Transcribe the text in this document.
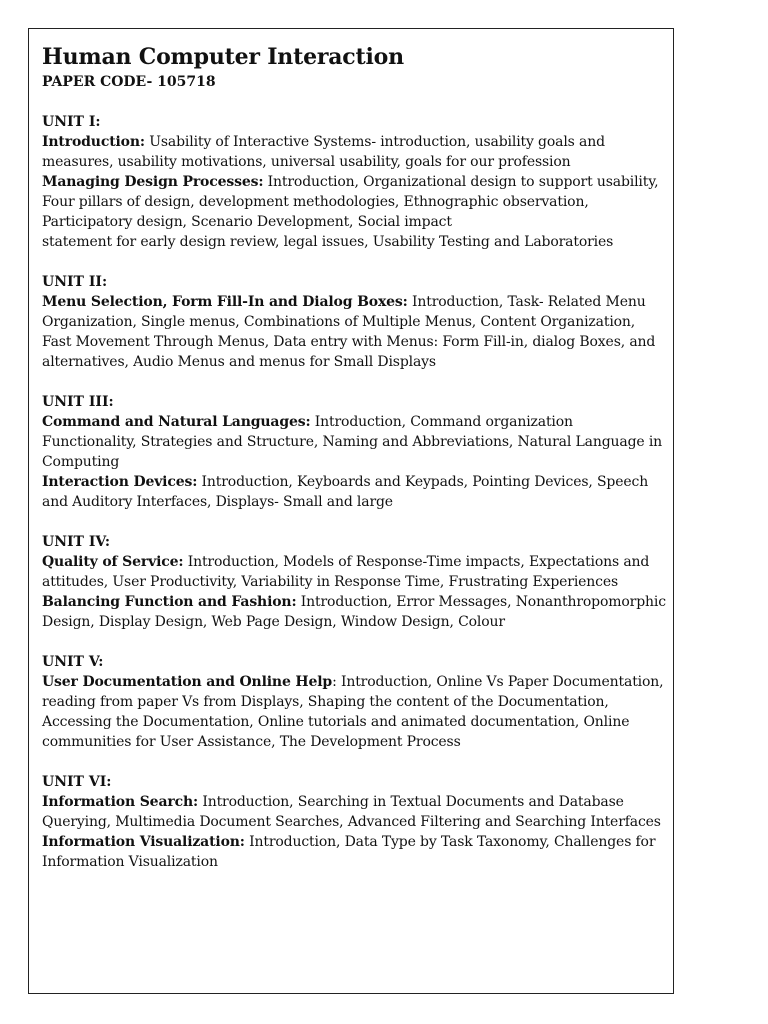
Human Computer Interaction

PAPER CODE- 105718

UNIT I:

Introduction: Usability of Interactive Systems- introduction, usability goals and measures, usability motivations, universal usability, goals for our profession

Managing Design Processes: Introduction, Organizational design to support usability, Four pillars of design, development methodologies, Ethnographic observation, Participatory design, Scenario Development, Social impact

statement for early design review, legal issues, Usability Testing and Laboratories

UNIT II:

Menu Selection, Form Fill-In and Dialog Boxes: Introduction, Task- Related Menu Organization, Single menus, Combinations of Multiple Menus, Content Organization, Fast Movement Through Menus, Data entry with Menus: Form Fill-in, dialog Boxes, and alternatives, Audio Menus and menus for Small Displays

UNIT III:

Command and Natural Languages: Introduction, Command organization Functionality, Strategies and Structure, Naming and Abbreviations, Natural Language in Computing

Interaction Devices: Introduction, Keyboards and Keypads, Pointing Devices, Speech and Auditory Interfaces, Displays- Small and large

UNIT IV:

Quality of Service: Introduction, Models of Response-Time impacts, Expectations and attitudes, User Productivity, Variability in Response Time, Frustrating Experiences

Balancing Function and Fashion: Introduction, Error Messages, Nonanthropomorphic Design, Display Design, Web Page Design, Window Design, Colour

UNIT V:

User Documentation and Online Help: Introduction, Online Vs Paper Documentation, reading from paper Vs from Displays, Shaping the content of the Documentation, Accessing the Documentation, Online tutorials and animated documentation, Online communities for User Assistance, The Development Process

UNIT VI:

Information Search: Introduction, Searching in Textual Documents and Database Querying, Multimedia Document Searches, Advanced Filtering and Searching Interfaces

Information Visualization: Introduction, Data Type by Task Taxonomy, Challenges for Information Visualization
